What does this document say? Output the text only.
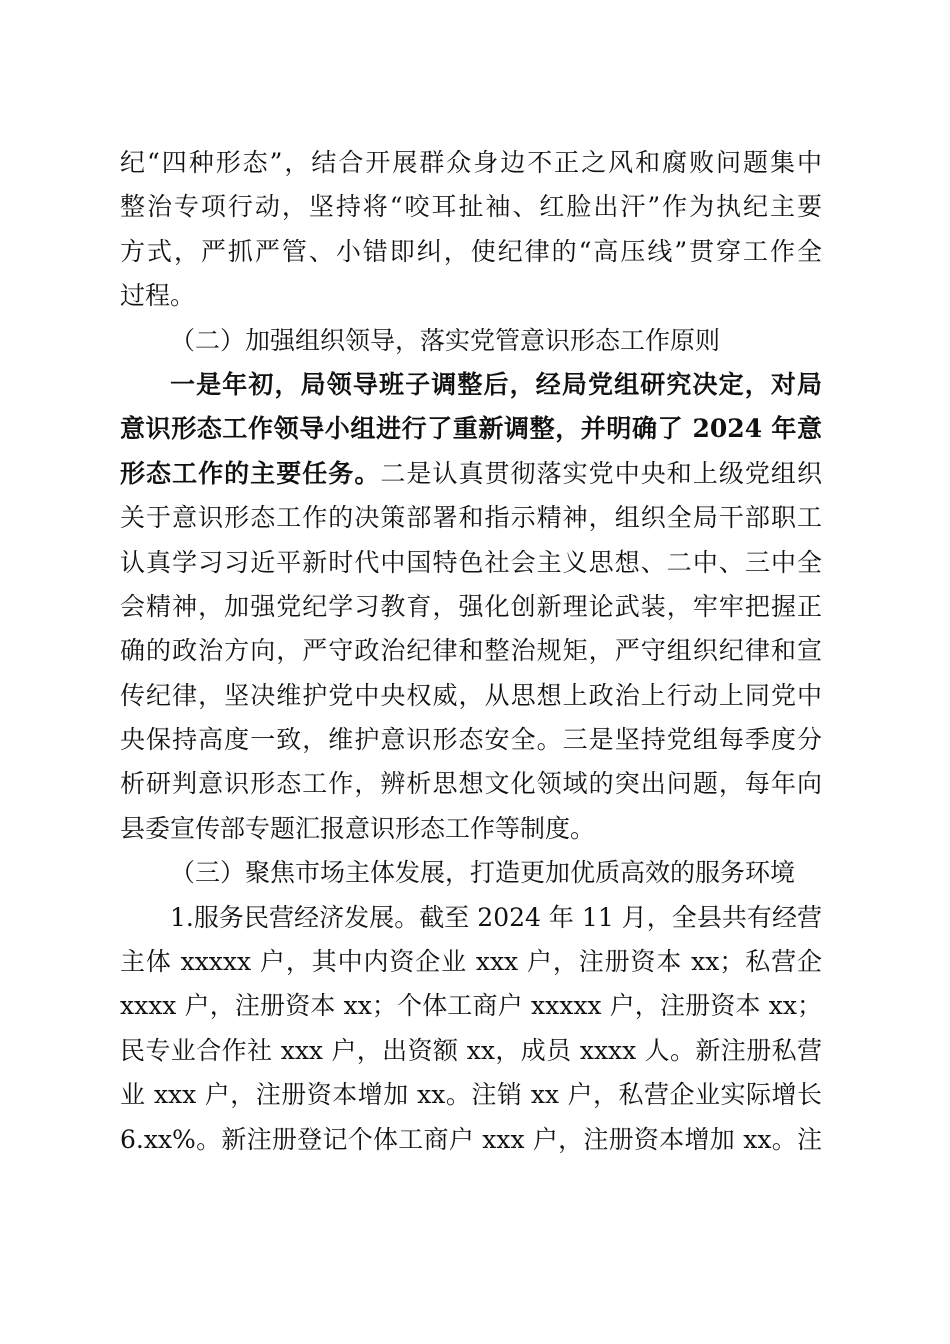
纪“四种形态”，结合开展群众身边不正之风和腐败问题集中
整治专项行动，坚持将“咬耳扯袖、红脸出汗”作为执纪主要
方式，严抓严管、小错即纠，使纪律的“高压线”贯穿工作全
过程。
（二）加强组织领导，落实党管意识形态工作原则
一是年初，局领导班子调整后，经局党组研究决定，对局
意识形态工作领导小组进行了重新调整，并明确了 2024 年意
形态工作的主要任务。二是认真贯彻落实党中央和上级党组织
关于意识形态工作的决策部署和指示精神，组织全局干部职工
认真学习习近平新时代中国特色社会主义思想、二中、三中全
会精神，加强党纪学习教育，强化创新理论武装，牢牢把握正
确的政治方向，严守政治纪律和整治规矩，严守组织纪律和宣
传纪律，坚决维护党中央权威，从思想上政治上行动上同党中
央保持高度一致，维护意识形态安全。三是坚持党组每季度分
析研判意识形态工作，辨析思想文化领域的突出问题，每年向
县委宣传部专题汇报意识形态工作等制度。
（三）聚焦市场主体发展，打造更加优质高效的服务环境
1.服务民营经济发展。截至 2024 年 11 月，全县共有经营
主体 xxxxx 户，其中内资企业 xxx 户，注册资本 xx；私营企
xxxx 户，注册资本 xx；个体工商户 xxxxx 户，注册资本 xx；
民专业合作社 xxx 户，出资额 xx，成员 xxxx 人。新注册私营
业 xxx 户，注册资本增加 xx。注销 xx 户，私营企业实际增长
6.xx%。新注册登记个体工商户 xxx 户，注册资本增加 xx。注
